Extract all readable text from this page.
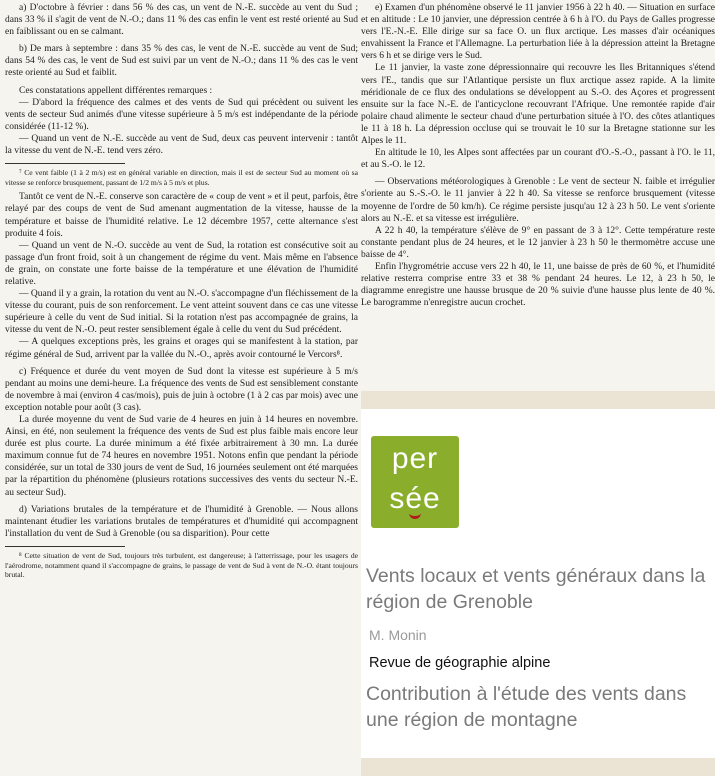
a) D'octobre à février : dans 56 % des cas, un vent de N.-E. succède au vent du Sud ; dans 33 % il s'agit de vent de N.-O.; dans 11 % des cas enfin le vent est resté orienté au Sud en faiblissant ou en se calmant.

b) De mars à septembre : dans 35 % des cas, le vent de N.-E. succède au vent de Sud; dans 54 % des cas, le vent de Sud est suivi par un vent de N.-O.; dans 11 % des cas le vent reste orienté au Sud et faiblit.

Ces constatations appellent différentes remarques :

— D'abord la fréquence des calmes et des vents de Sud qui précèdent ou suivent les vents de secteur Sud animés d'une vitesse supérieure à 5 m/s est indépendante de la période considérée (11-12 %).

— Quand un vent de N.-E. succède au vent de Sud, deux cas peuvent intervenir : tantôt la vitesse du vent de N.-E. tend vers zéro.

⁷ Ce vent faible (1 à 2 m/s) est en général variable en direction, mais il est de secteur Sud au moment où sa vitesse se renforce brusquement, passant de 1/2 m/s à 5 m/s et plus.

Tantôt ce vent de N.-E. conserve son caractère de « coup de vent » et il peut, parfois, être relayé par des coups de vent de Sud amenant augmentation de la vitesse, hausse de la température et baisse de l'humidité relative. Le 12 décembre 1957, cette alternance s'est produite 4 fois.

— Quand un vent de N.-O. succède au vent de Sud, la rotation est consécutive soit au passage d'un front froid, soit à un changement de régime du vent. Mais même en l'absence de grain, on constate une forte baisse de la température et une élévation de l'humidité relative.

— Quand il y a grain, la rotation du vent au N.-O. s'accompagne d'un fléchissement de la vitesse du courant, puis de son renforcement. Le vent atteint souvent dans ce cas une vitesse supérieure à celle du vent de Sud initial. Si la rotation n'est pas accompagnée de grains, la vitesse du vent de N.-O. peut rester sensiblement égale à celle du vent du Sud précédent.

— A quelques exceptions près, les grains et orages qui se manifestent à la station, par régime général de Sud, arrivent par la vallée du N.-O., après avoir contourné le Vercors⁸.

c) Fréquence et durée du vent moyen de Sud dont la vitesse est supérieure à 5 m/s pendant au moins une demi-heure. La fréquence des vents de Sud est sensiblement constante de novembre à mai (environ 4 cas/mois), puis de juin à octobre (1 à 2 cas par mois) avec une exception notable pour août (3 cas).

La durée moyenne du vent de Sud varie de 4 heures en juin à 14 heures en novembre. Ainsi, en été, non seulement la fréquence des vents de Sud est plus faible mais encore leur durée est plus courte. La durée minimum a été fixée arbitrairement à 30 mn. La durée maximum connue fut de 74 heures en novembre 1951. Notons enfin que pendant la période considérée, sur un total de 330 jours de vent de Sud, 16 journées seulement ont été marquées par la répartition du phénomène (plusieurs rotations successives des vents du secteur N.-E. au secteur Sud).

d) Variations brutales de la température et de l'humidité à Grenoble. — Nous allons maintenant étudier les variations brutales de températures et d'humidité qui accompagnent l'installation du vent de Sud à Grenoble (ou sa disparition). Pour cette

⁸ Cette situation de vent de Sud, toujours très turbulent, est dangereuse; à l'atterrissage, pour les usagers de l'aérodrome, notamment quand il s'accompagne de grains, le passage de vent de Sud à vent de N.-O. étant toujours brutal.

e) Examen d'un phénomène observé le 11 janvier 1956 à 22 h 40. — Situation en surface et en altitude : Le 10 janvier, une dépression centrée à 6 h à l'O. du Pays de Galles progresse vers l'E.-N.-E. Elle dirige sur sa face O. un flux arctique. Les masses d'air océaniques envahissent la France et l'Allemagne. La perturbation liée à la dépression atteint la Bretagne vers 6 h et se dirige vers le Sud.

Le 11 janvier, la vaste zone dépressionnaire qui recouvre les Iles Britanniques s'étend vers l'E., tandis que sur l'Atlantique persiste un flux arctique assez rapide. A la limite méridionale de ce flux des ondulations se développent au S.-O. des Açores et progressent ensuite sur la face N.-E. de l'anticyclone recouvrant l'Afrique. Une remontée rapide d'air polaire chaud alimente le secteur chaud d'une perturbation située à l'O. des côtes atlantiques le 11 à 18 h. La dépression occluse qui se trouvait le 10 sur la Bretagne stationne sur les Alpes le 11.

En altitude le 10, les Alpes sont affectées par un courant d'O.-S.-O., passant à l'O. le 11, et au S.-O. le 12.

— Observations météorologiques à Grenoble : Le vent de secteur N. faible et irrégulier s'oriente au S.-S.-O. le 11 janvier à 22 h 40. Sa vitesse se renforce brusquement (vitesse moyenne de l'ordre de 50 km/h). Ce régime persiste jusqu'au 12 à 23 h 50. Le vent s'oriente alors au N.-E. et sa vitesse est irrégulière.

A 22 h 40, la température s'élève de 9° en passant de 3 à 12°. Cette température reste constante pendant plus de 24 heures, et le 12 janvier à 23 h 50 le thermomètre accuse une baisse de 4°.

Enfin l'hygrométrie accuse vers 22 h 40, le 11, une baisse de près de 60 %, et l'humidité relative resterra comprise entre 33 et 38 % pendant 24 heures. Le 12, à 23 h 50, le diagramme enregistre une hausse brusque de 20 % suivie d'une hausse plus lente de 40 %. Le barogramme n'enregistre aucun crochet.

per
sée
Vents locaux et vents généraux dans la région de Grenoble
M. Monin
Revue de géographie alpine
Contribution à l'étude des vents dans une région de montagne
